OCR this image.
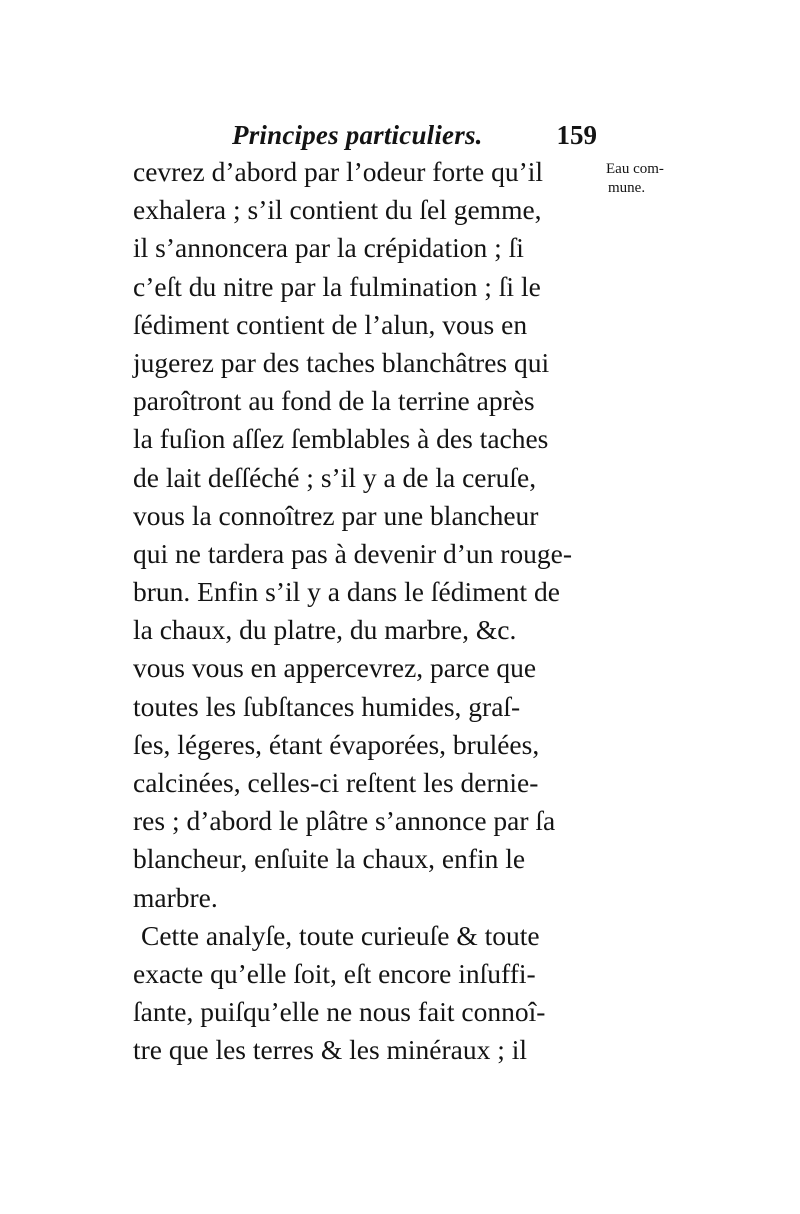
Principes particuliers.	159
Eau com-
mune.
cevrez d’abord par l’odeur forte qu’il
exhalera ; s’il contient du ſel gemme,
il s’annoncera par la crépidation ; ſi
c’eſt du nitre par la fulmination ; ſi le
ſédiment contient de l’alun, vous en
jugerez par des taches blanchâtres qui
paroîtront au fond de la terrine après
la fuſion aſſez ſemblables à des taches
de lait deſſéché ; s’il y a de la ceruſe,
vous la connoîtrez par une blancheur
qui ne tardera pas à devenir d’un rouge-
brun. Enfin s’il y a dans le ſédiment de
la chaux, du platre, du marbre, &c.
vous vous en appercevrez, parce que
toutes les ſubſtances humides, graſ-
ſes, légeres, étant évaporées, brulées,
calcinées, celles-ci reſtent les dernie-
res ; d’abord le plâtre s’annonce par ſa
blancheur, enſuite la chaux, enfin le
marbre.
Cette analyſe, toute curieuſe & toute
exacte qu’elle ſoit, eſt encore inſuffi-
ſante, puiſqu’elle ne nous fait connoî-
tre que les terres & les minéraux ; il
